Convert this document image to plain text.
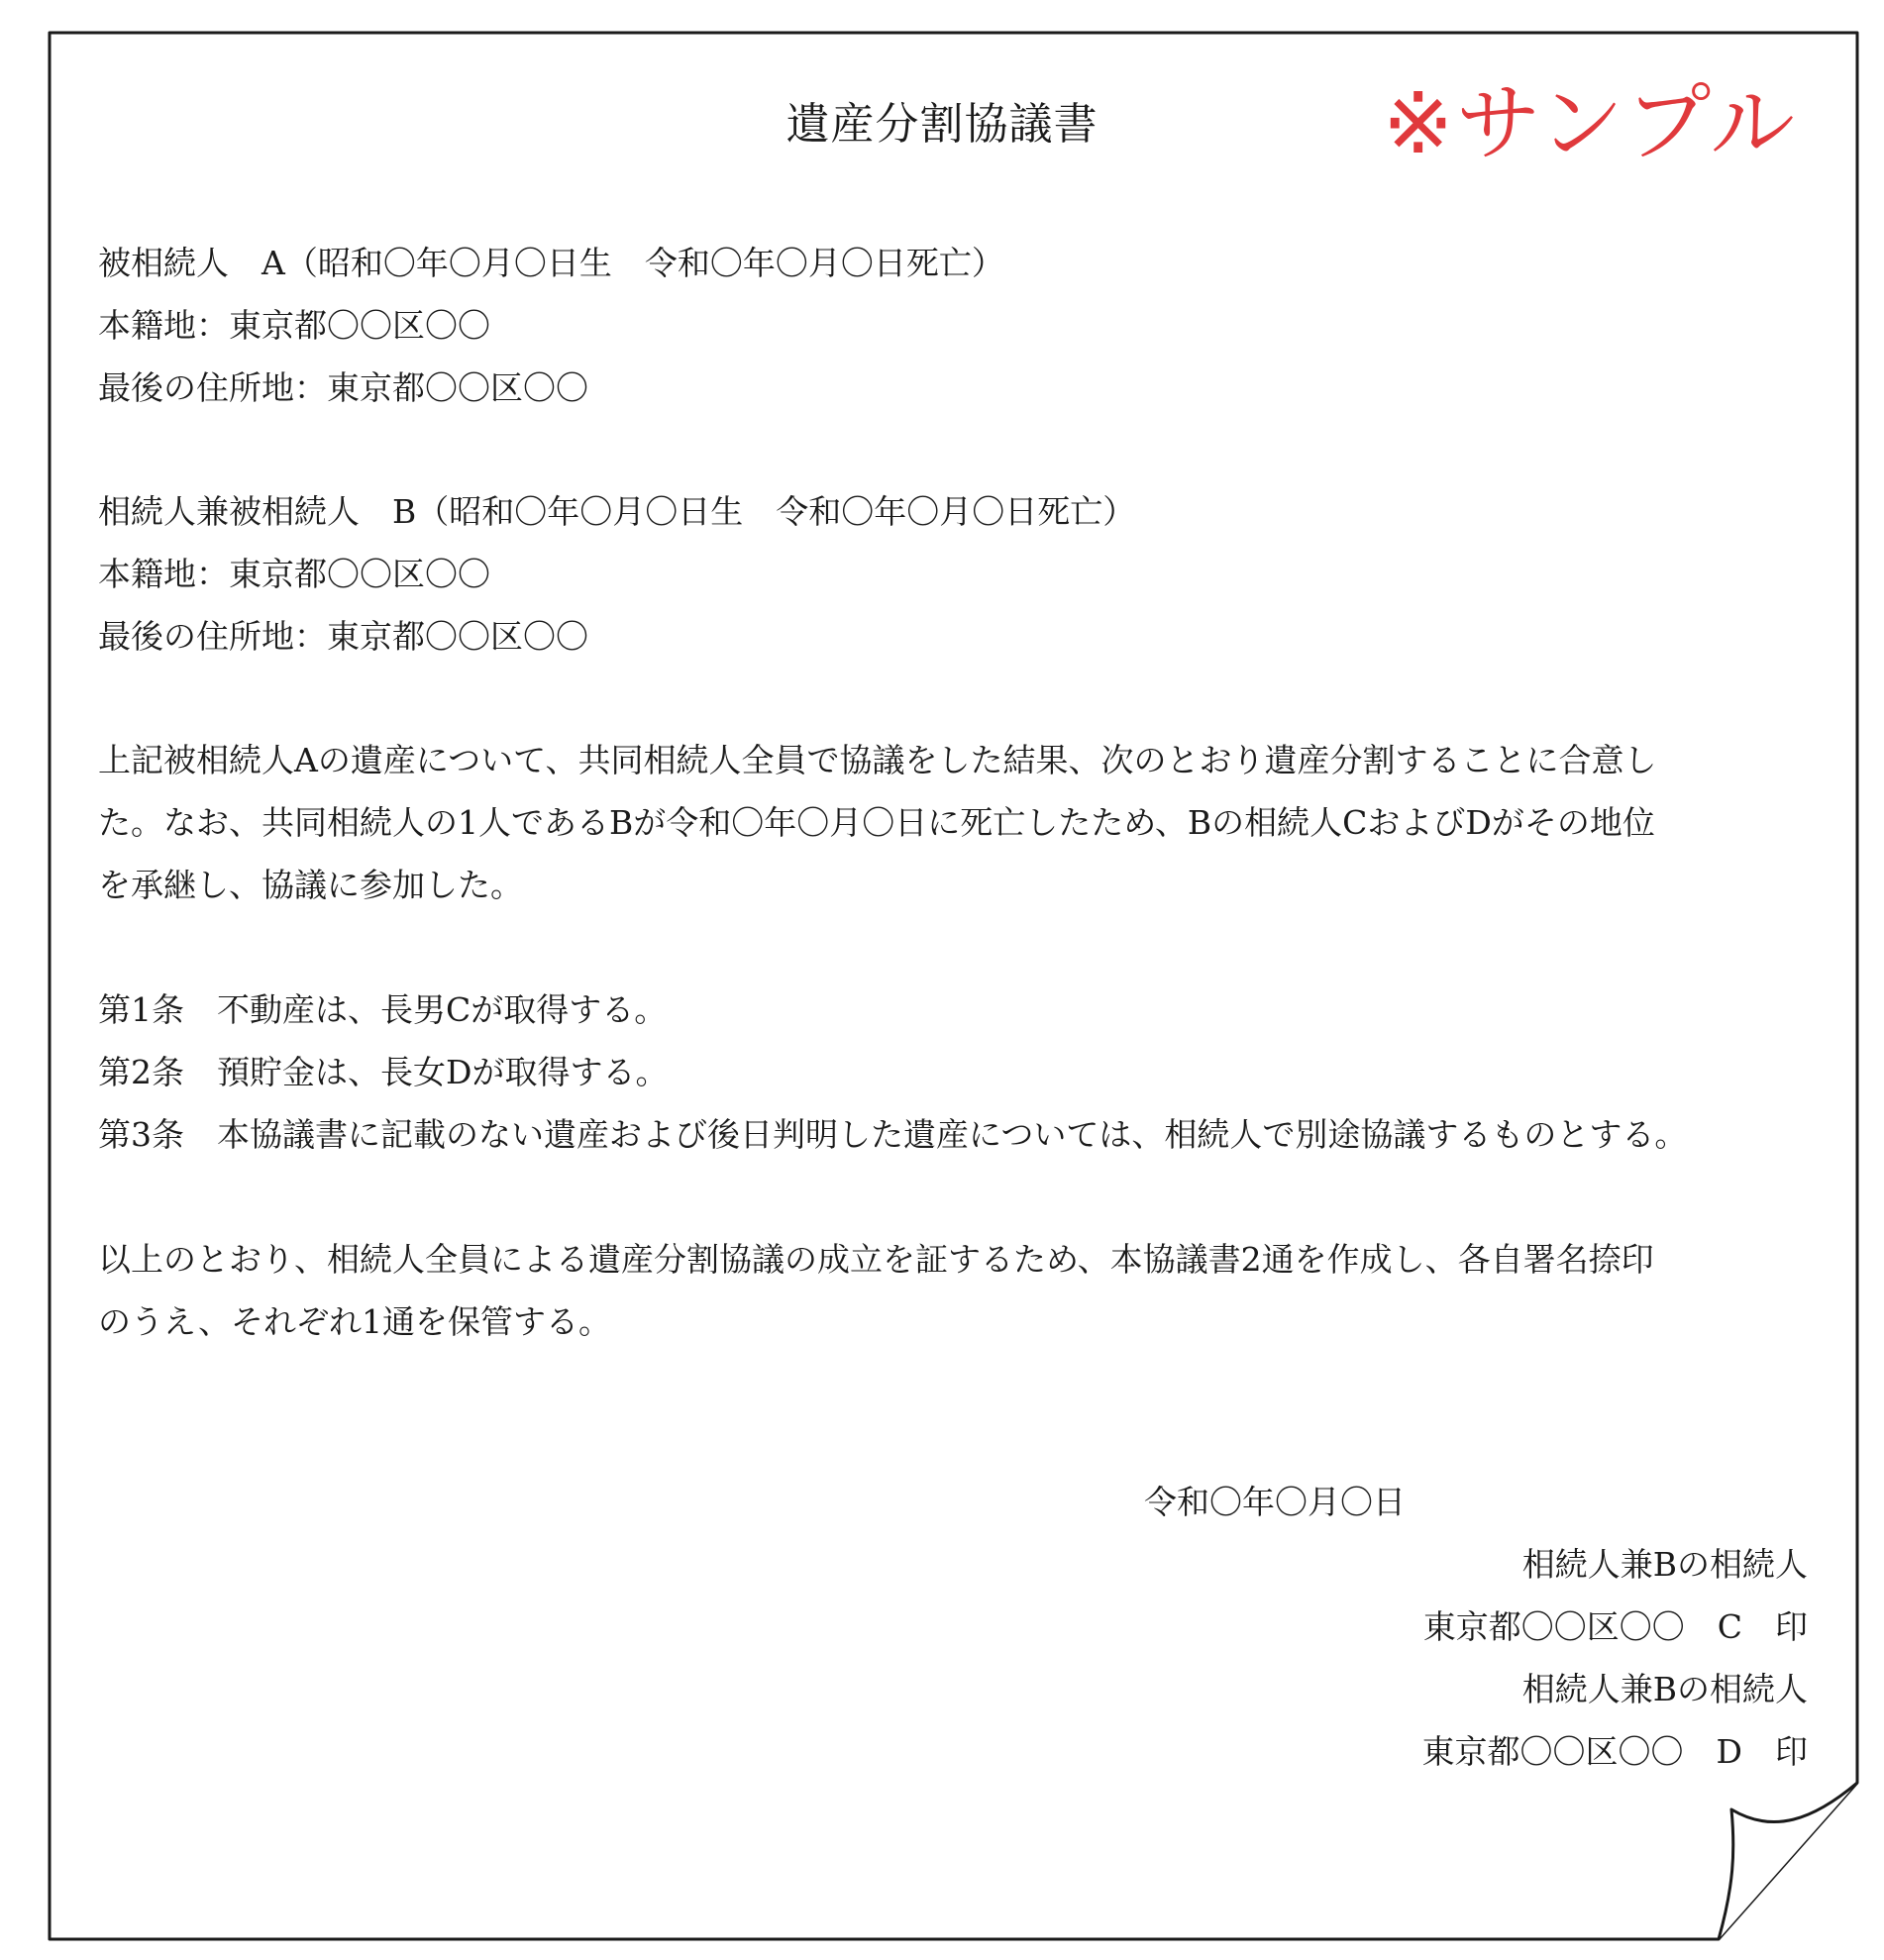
遺産分割協議書	※サンプル
被相続人　A（昭和〇年〇月〇日生　令和〇年〇月〇日死亡）
本籍地：東京都〇〇区〇〇
最後の住所地：東京都〇〇区〇〇
相続人兼被相続人　B（昭和〇年〇月〇日生　令和〇年〇月〇日死亡）
本籍地：東京都〇〇区〇〇
最後の住所地：東京都〇〇区〇〇
上記被相続人Aの遺産について、共同相続人全員で協議をした結果、次のとおり遺産分割することに合意し
た。なお、共同相続人の1人であるBが令和〇年〇月〇日に死亡したため、Bの相続人CおよびDがその地位
を承継し、協議に参加した。
第1条　不動産は、長男Cが取得する。
第2条　預貯金は、長女Dが取得する。
第3条　本協議書に記載のない遺産および後日判明した遺産については、相続人で別途協議するものとする。
以上のとおり、相続人全員による遺産分割協議の成立を証するため、本協議書2通を作成し、各自署名捺印
のうえ、それぞれ1通を保管する。
令和〇年〇月〇日
相続人兼Bの相続人
東京都〇〇区〇〇　C　印
相続人兼Bの相続人
東京都〇〇区〇〇　D　印
